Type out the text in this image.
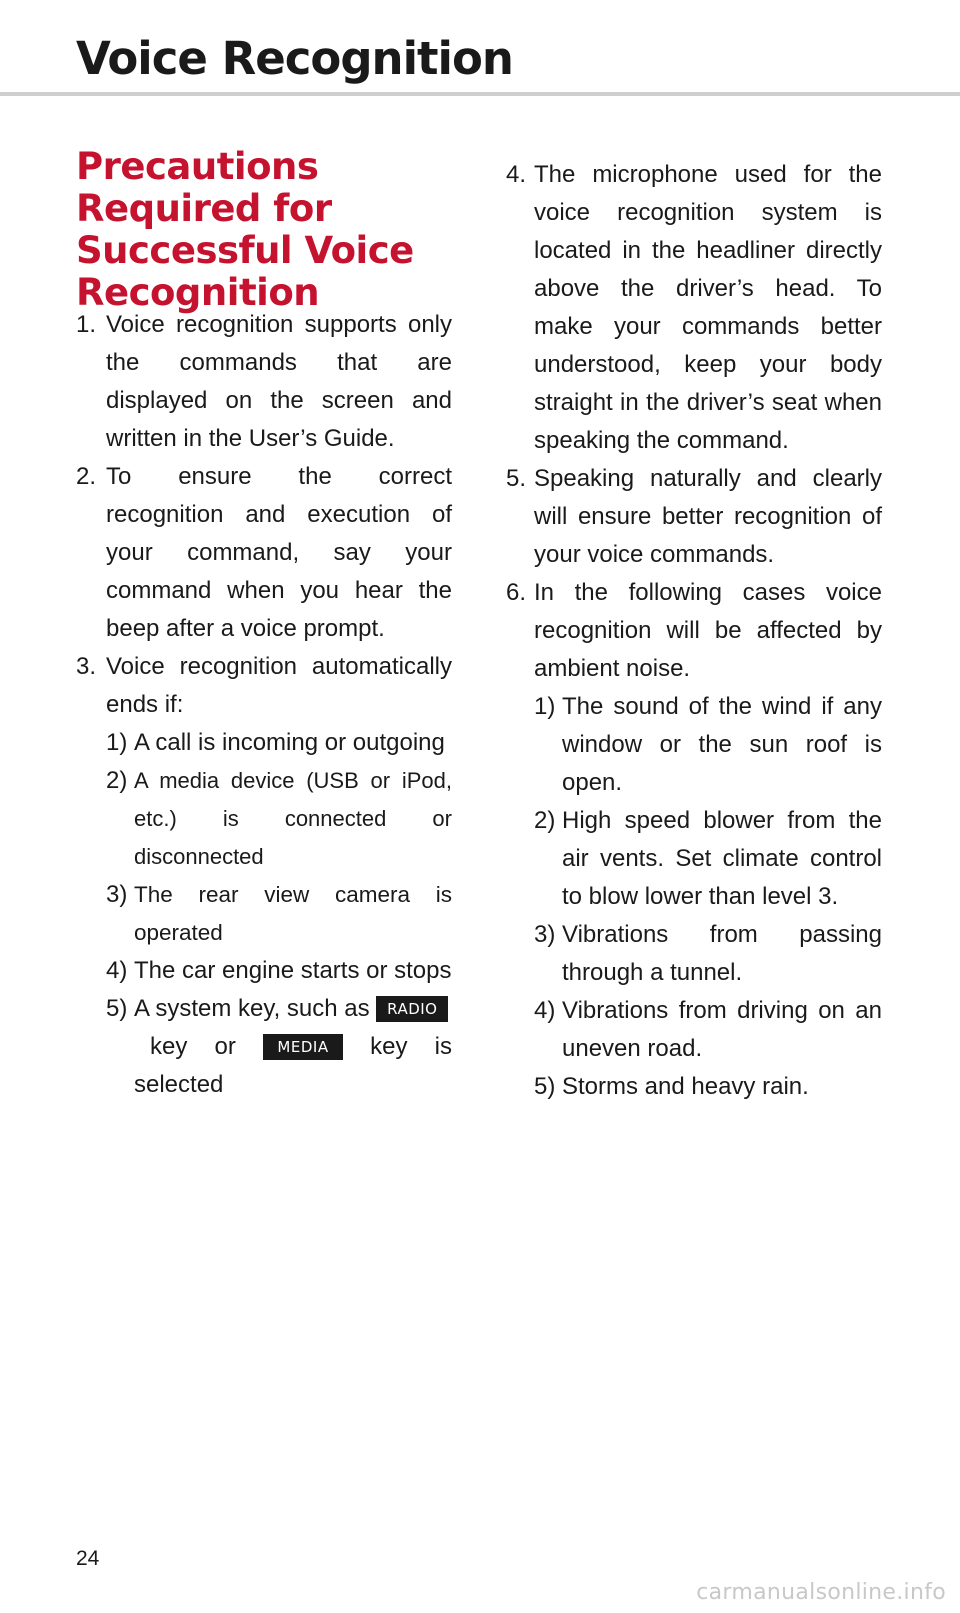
Voice Recognition
Precautions Required for Successful Voice Recognition
1. Voice recognition supports only the commands that are displayed on the screen and written in the User’s Guide.
2. To ensure the correct recognition and execution of your command, say your command when you hear the beep after a voice prompt.
3. Voice recognition automatically ends if:
1) A call is incoming or outgoing
2) A media device (USB or iPod, etc.) is connected or disconnected
3) The rear view camera is operated
4) The car engine starts or stops
5) A system key, such as RADIO
key or	MEDIA key is selected
4. The microphone used for the voice recognition system is located in the headliner directly above the driver’s head. To make your commands better understood, keep your body straight in the driver’s seat when speaking the command.
5. Speaking naturally and clearly will ensure better recognition of your voice commands.
6. In the following cases voice recognition will be affected by ambient noise.
1) The sound of the wind if any window or the sun roof is open.
2) High speed blower from the air vents. Set climate control to blow lower than level 3.
3) Vibrations from passing through a tunnel.
4) Vibrations from driving on an uneven road.
5) Storms and heavy rain.
24
carmanualsonline.info
